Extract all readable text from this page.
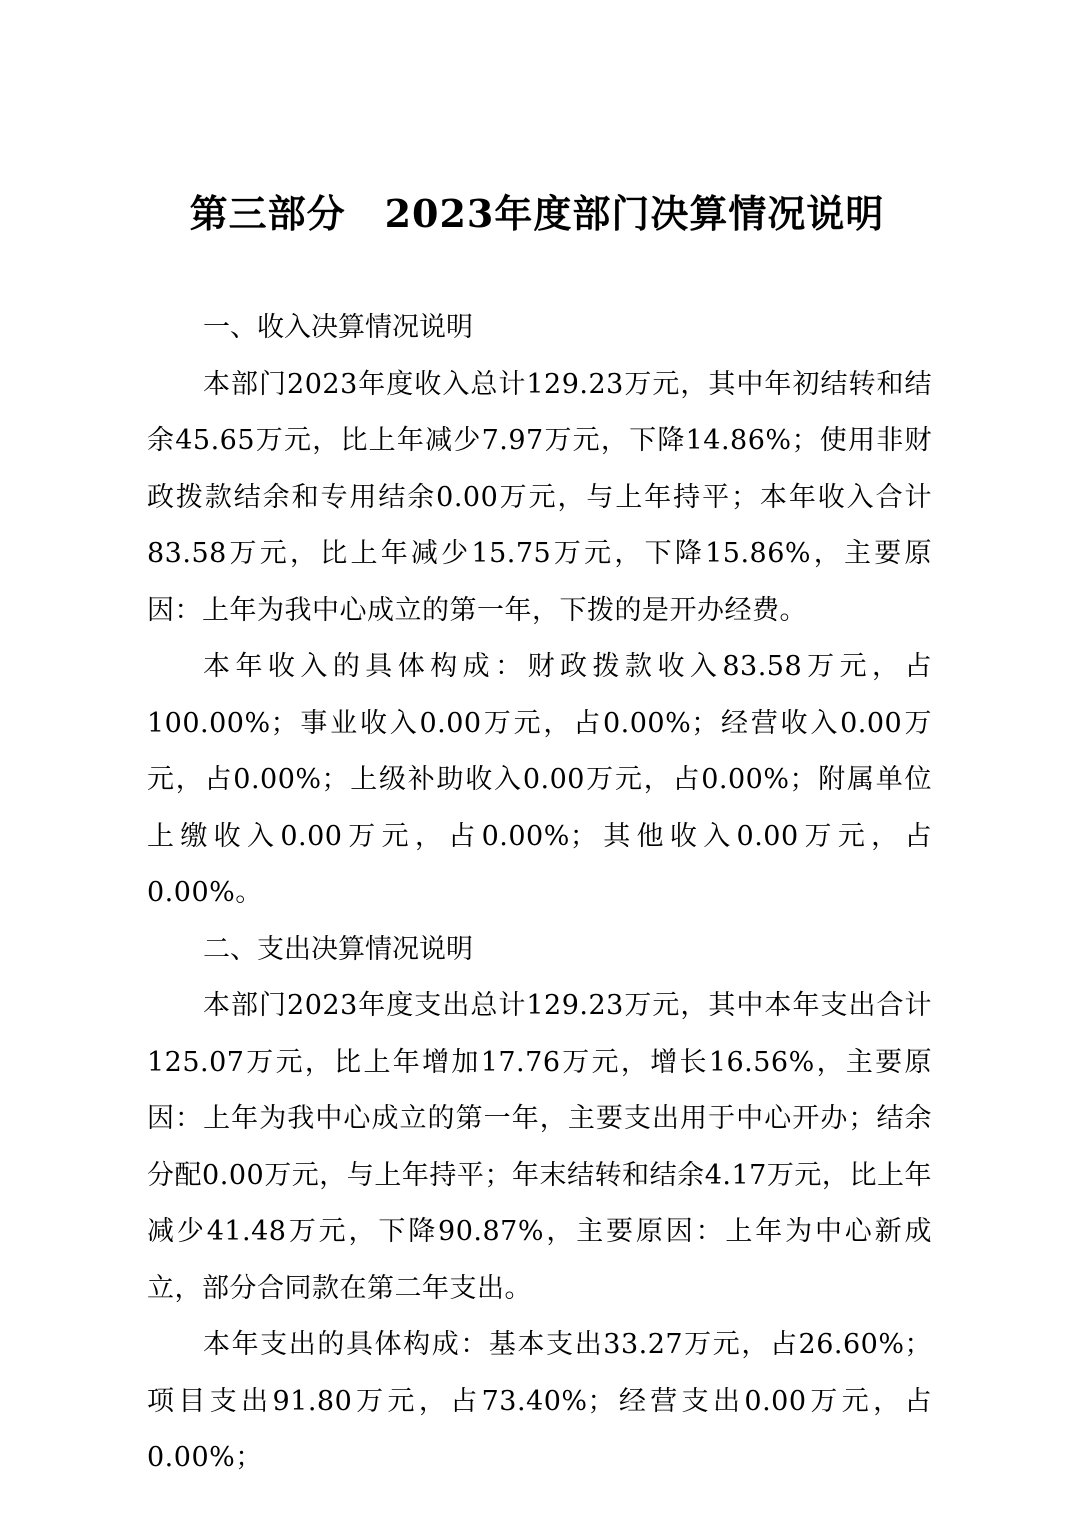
第三部分　2023年度部门决算情况说明

一、收入决算情况说明

本部门2023年度收入总计129.23万元，其中年初结转和结余45.65万元，比上年减少7.97万元，下降14.86%；使用非财政拨款结余和专用结余0.00万元，与上年持平；本年收入合计83.58万元，比上年减少15.75万元，下降15.86%，主要原因：上年为我中心成立的第一年，下拨的是开办经费。

本年收入的具体构成：财政拨款收入83.58万元，占100.00%；事业收入0.00万元，占0.00%；经营收入0.00万元，占0.00%；上级补助收入0.00万元，占0.00%；附属单位上缴收入0.00万元，占0.00%；其他收入0.00万元，占0.00%。

二、支出决算情况说明

本部门2023年度支出总计129.23万元，其中本年支出合计125.07万元，比上年增加17.76万元，增长16.56%，主要原因：上年为我中心成立的第一年，主要支出用于中心开办；结余分配0.00万元，与上年持平；年末结转和结余4.17万元，比上年减少41.48万元，下降90.87%，主要原因：上年为中心新成立，部分合同款在第二年支出。

本年支出的具体构成：基本支出33.27万元，占26.60%；项目支出91.80万元，占73.40%；经营支出0.00万元，占0.00%；
